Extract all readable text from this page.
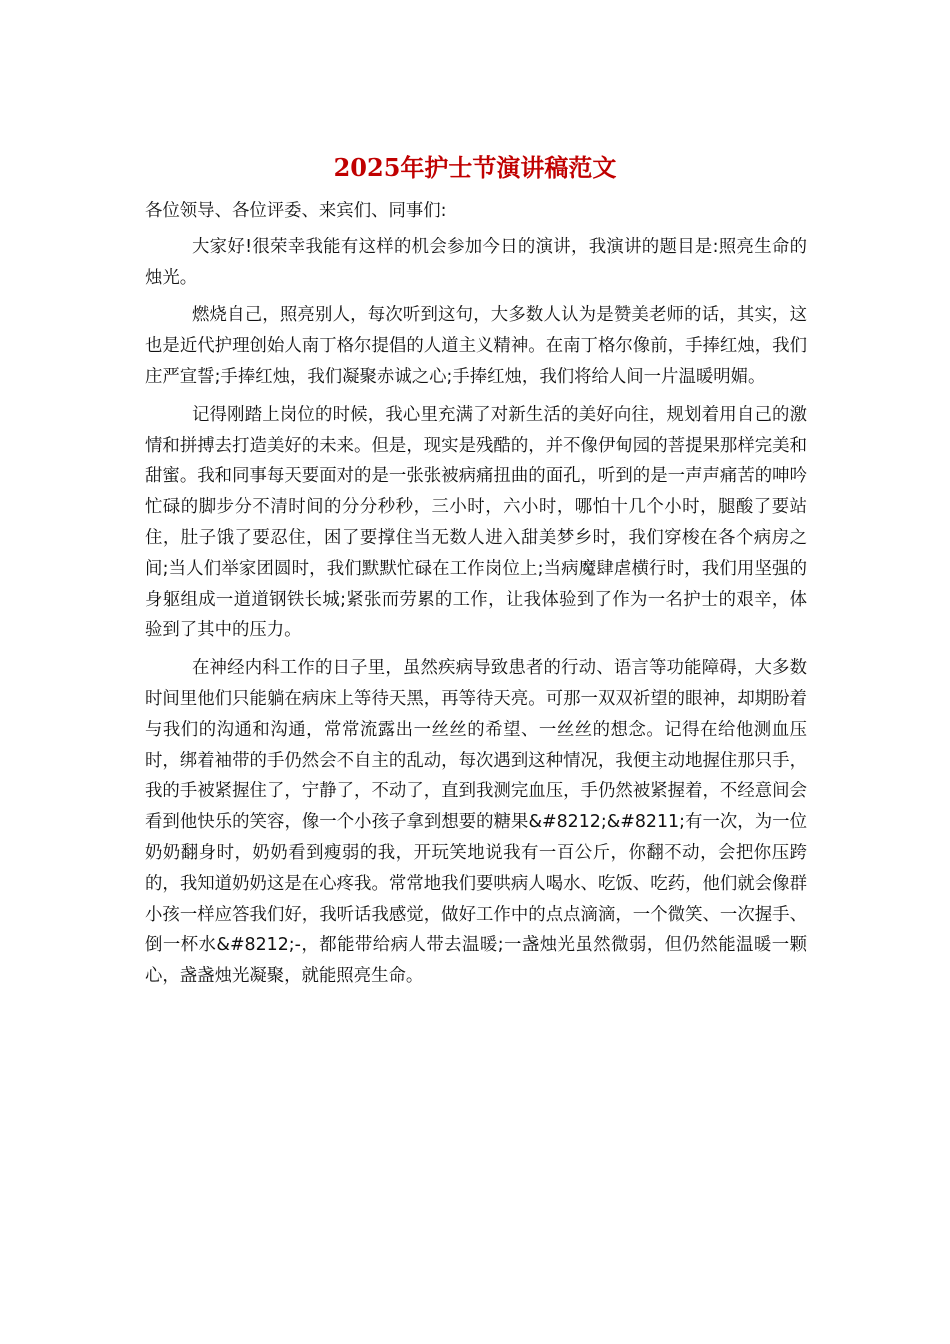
2025年护士节演讲稿范文

各位领导、各位评委、来宾们、同事们:

大家好!很荣幸我能有这样的机会参加今日的演讲，我演讲的题目是:照亮生命的烛光。

燃烧自己，照亮别人，每次听到这句，大多数人认为是赞美老师的话，其实，这也是近代护理创始人南丁格尔提倡的人道主义精神。在南丁格尔像前，手捧红烛，我们庄严宣誓;手捧红烛，我们凝聚赤诚之心;手捧红烛，我们将给人间一片温暖明媚。

记得刚踏上岗位的时候，我心里充满了对新生活的美好向往，规划着用自己的激情和拼搏去打造美好的未来。但是，现实是残酷的，并不像伊甸园的菩提果那样完美和甜蜜。我和同事每天要面对的是一张张被病痛扭曲的面孔，听到的是一声声痛苦的呻吟忙碌的脚步分不清时间的分分秒秒，三小时，六小时，哪怕十几个小时，腿酸了要站住，肚子饿了要忍住，困了要撑住当无数人进入甜美梦乡时，我们穿梭在各个病房之间;当人们举家团圆时，我们默默忙碌在工作岗位上;当病魔肆虐横行时，我们用坚强的身躯组成一道道钢铁长城;紧张而劳累的工作，让我体验到了作为一名护士的艰辛，体验到了其中的压力。

在神经内科工作的日子里，虽然疾病导致患者的行动、语言等功能障碍，大多数时间里他们只能躺在病床上等待天黑，再等待天亮。可那一双双祈望的眼神，却期盼着与我们的沟通和沟通，常常流露出一丝丝的希望、一丝丝的想念。记得在给他测血压时，绑着袖带的手仍然会不自主的乱动，每次遇到这种情况，我便主动地握住那只手，我的手被紧握住了，宁静了，不动了，直到我测完血压，手仍然被紧握着，不经意间会看到他快乐的笑容，像一个小孩子拿到想要的糖果&#8212;&#8211;有一次，为一位奶奶翻身时，奶奶看到瘦弱的我，开玩笑地说我有一百公斤，你翻不动，会把你压跨的，我知道奶奶这是在心疼我。常常地我们要哄病人喝水、吃饭、吃药，他们就会像群小孩一样应答我们好，我听话我感觉，做好工作中的点点滴滴，一个微笑、一次握手、倒一杯水&#8212;-，都能带给病人带去温暖;一盏烛光虽然微弱，但仍然能温暖一颗心，盏盏烛光凝聚，就能照亮生命。
